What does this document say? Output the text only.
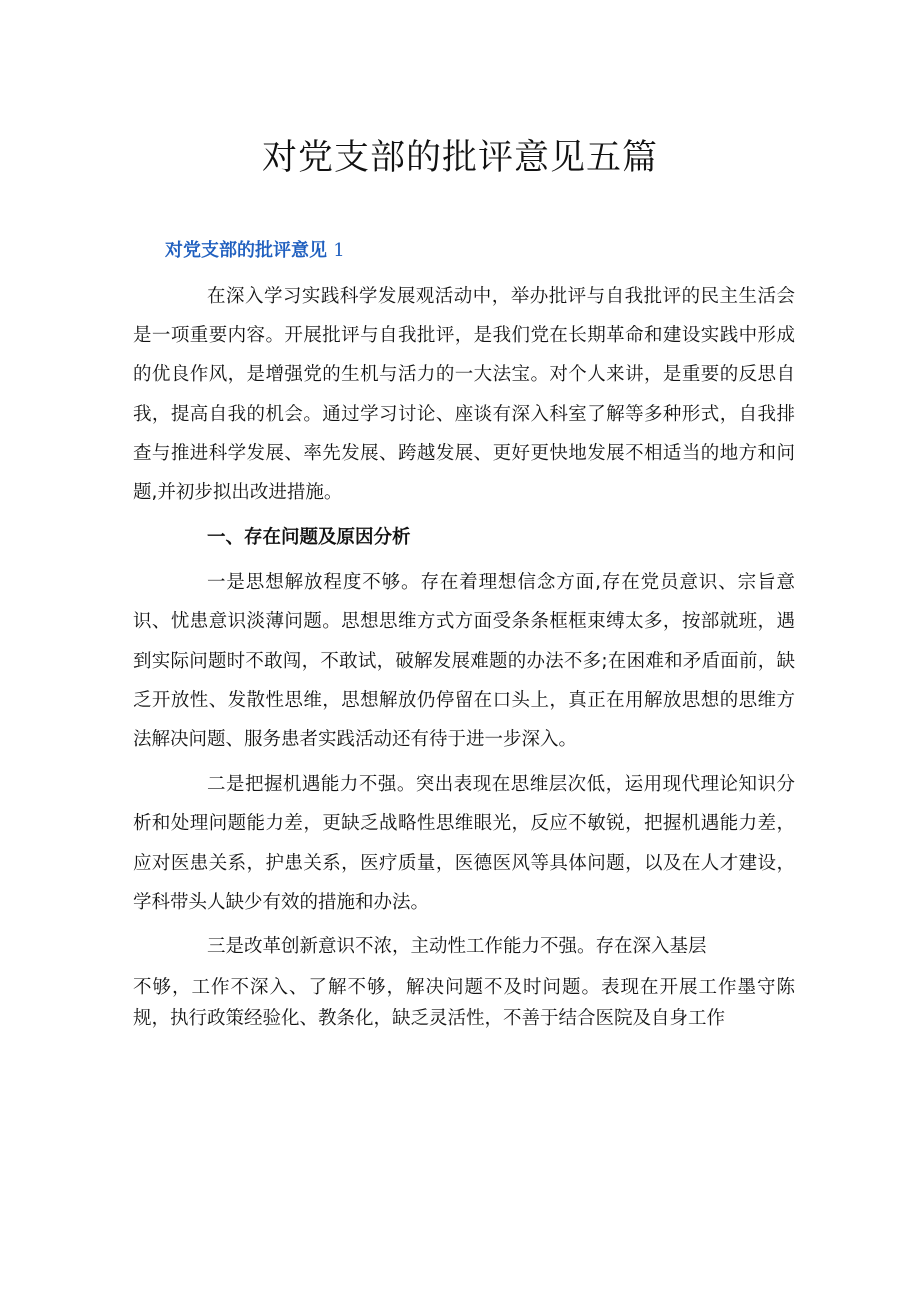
对党支部的批评意见五篇
对党支部的批评意见 1

在深入学习实践科学发展观活动中，举办批评与自我批评的民主生活会是一项重要内容。开展批评与自我批评，是我们党在长期革命和建设实践中形成的优良作风，是增强党的生机与活力的一大法宝。对个人来讲，是重要的反思自我，提高自我的机会。通过学习讨论、座谈有深入科室了解等多种形式，自我排查与推进科学发展、率先发展、跨越发展、更好更快地发展不相适当的地方和问题,并初步拟出改进措施。

一、存在问题及原因分析

一是思想解放程度不够。存在着理想信念方面,存在党员意识、宗旨意识、忧患意识淡薄问题。思想思维方式方面受条条框框束缚太多，按部就班，遇到实际问题时不敢闯，不敢试，破解发展难题的办法不多;在困难和矛盾面前，缺乏开放性、发散性思维，思想解放仍停留在口头上，真正在用解放思想的思维方法解决问题、服务患者实践活动还有待于进一步深入。

二是把握机遇能力不强。突出表现在思维层次低，运用现代理论知识分析和处理问题能力差，更缺乏战略性思维眼光，反应不敏锐，把握机遇能力差，应对医患关系，护患关系，医疗质量，医德医风等具体问题，以及在人才建设，学科带头人缺少有效的措施和办法。

三是改革创新意识不浓，主动性工作能力不强。存在深入基层

不够，工作不深入、了解不够，解决问题不及时问题。表现在开展工作墨守陈规，执行政策经验化、教条化，缺乏灵活性，不善于结合医院及自身工作
